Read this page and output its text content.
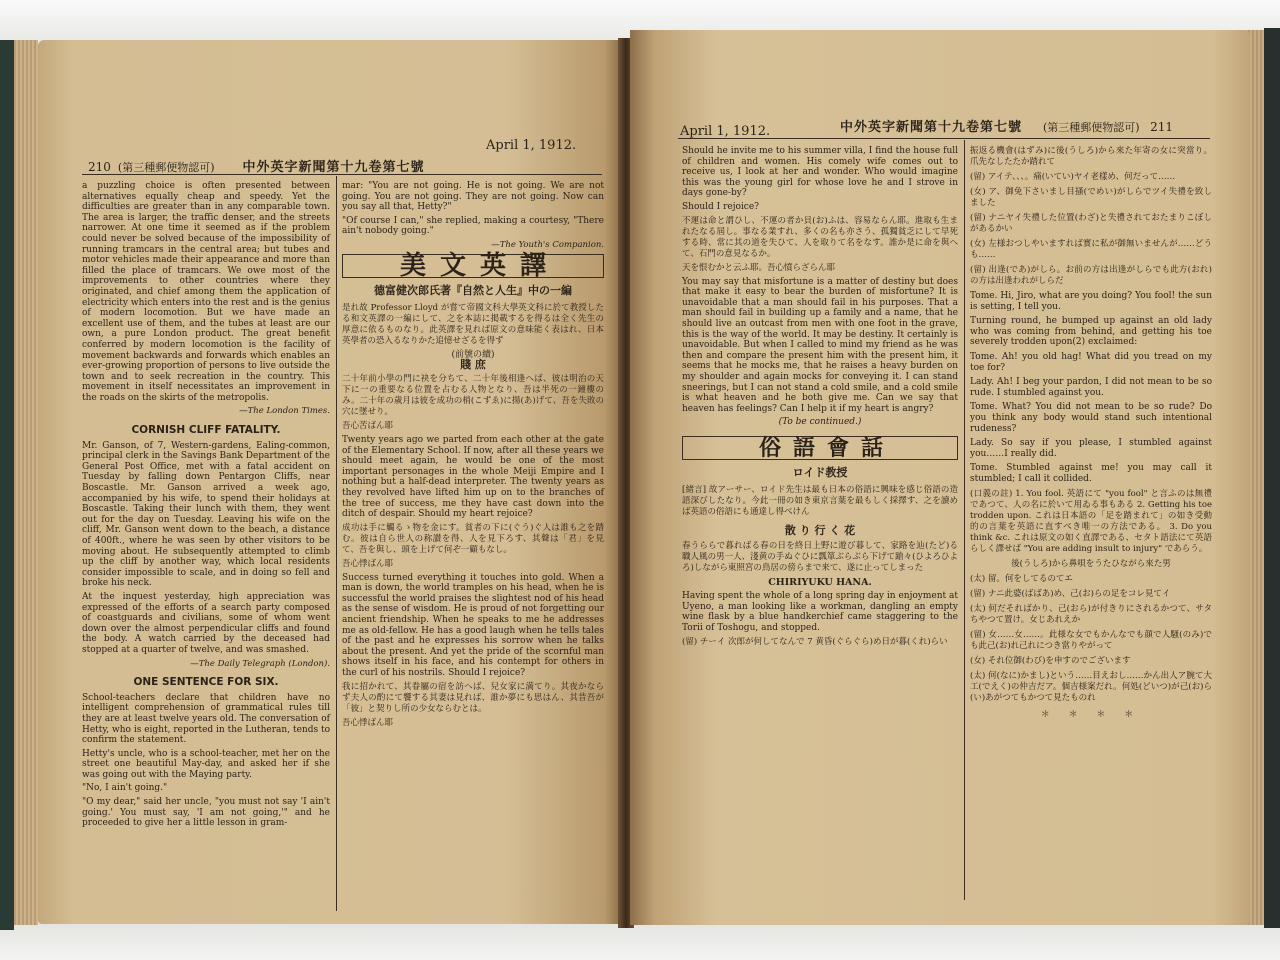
210 (第三種郵便物認可) 中外英字新聞第十九卷第七號
April 1, 1912.

a puzzling choice is often presented between alternatives equally cheap and speedy. Yet the difficulties are greater than in any comparable town. The area is larger, the traffic denser, and the streets narrower. At one time it seemed as if the problem could never be solved because of the impossibility of running tramcars in the central area; but tubes and motor vehicles made their appearance and more than filled the place of tramcars. We owe most of the improvements to other countries where they originated, and chief among them the application of electricity which enters into the rest and is the genius of modern locomotion. But we have made an excellent use of them, and the tubes at least are our own, a pure London product. The great benefit conferred by modern locomotion is the facility of movement backwards and forwards which enables an ever-growing proportion of persons to live outside the town and to seek recreation in the country. This movement in itself necessitates an improvement in the roads on the skirts of the metropolis.

—The London Times.

CORNISH CLIFF FATALITY.

Mr. Ganson, of 7, Western-gardens, Ealing-common, principal clerk in the Savings Bank Department of the General Post Office, met with a fatal accident on Tuesday by falling down Pentargon Cliffs, near Boscastle. Mr. Ganson arrived a week ago, accompanied by his wife, to spend their holidays at Boscastle. Taking their lunch with them, they went out for the day on Tuesday. Leaving his wife on the cliff, Mr. Ganson went down to the beach, a distance of 400ft., where he was seen by other visitors to be moving about. He subsequently attempted to climb up the cliff by another way, which local residents consider impossible to scale, and in doing so fell and broke his neck.

At the inquest yesterday, high appreciation was expressed of the efforts of a search party composed of coastguards and civilians, some of whom went down over the almost perpendicular cliffs and found the body. A watch carried by the deceased had stopped at a quarter of twelve, and was smashed.

—The Daily Telegraph (London).

ONE SENTENCE FOR SIX.

School-teachers declare that children have no intelligent comprehension of grammatical rules till they are at least twelve years old. The conversation of Hetty, who is eight, reported in the Lutheran, tends to confirm the statement.

Hetty's uncle, who is a school-teacher, met her on the street one beautiful May-day, and asked her if she was going out with the Maying party.

"No, I ain't going."

"O my dear," said her uncle, "you must not say 'I ain't going.' You must say, 'I am not going,'" and he proceeded to give her a little lesson in gram-

mar: "You are not going. He is not going. We are not going. You are not going. They are not going. Now can you say all that, Hetty?"

"Of course I can," she replied, making a courtesy, "There ain't nobody going."

—The Youth's Companion.

美文英譯
德富健次郎氏著『自然と人生』中の一編

是れ故 Professor Lloyd が嘗て帝國文科大學英文科に於て教授したる和文英譯の一編にして、之を本誌に掲載するを得るは全く先生の厚意に依るものなり。此英譯を見れば原文の意味能く表はれ、日本英學者の恐入るなりかた追憶せざるを得ず

(前號の續)
賤 庶

二十年前小學の門に袂を分ちて、二十年後相逢へば、彼は明治の天下に一の重要なる位置を占むる人物となり、吾は半死の一鐘樓のみ。二十年の歳月は彼を成功の梢(こずゑ)に揚(あ)げて、吾を失敗の穴に墜せり。

吾心苦ばん耶

Twenty years ago we parted from each other at the gate of the Elementary School. If now, after all these years we should meet again, he would be one of the most important personages in the whole Meiji Empire and I nothing but a half-dead interpreter. The twenty years as they revolved have lifted him up on to the branches of the tree of success, me they have cast down into the ditch of despair. Should my heart rejoice?

成功は手に觸るゝ物を金にす。貧者の下に(ぐう)ぐ人は誰も之を踏む。彼は自ら世人の称讃を得、人を見下ろす、其聲は「君」を見て、吾を與し、頭を上げて何ぞ一顧もなし。

吾心悸ばん耶

Success turned everything it touches into gold. When a man is down, the world tramples on his head, when he is successful the world praises the slightest nod of his head as the sense of wisdom. He is proud of not forgetting our ancient friendship. When he speaks to me he addresses me as old-fellow. He has a good laugh when he tells tales of the past and he expresses his sorrow when he talks about the present. And yet the pride of the scornful man shows itself in his face, and his contempt for others in the curl of his nostrils. Should I rejoice?

我に招かれて、其眷屬の宿を訪へば、兒女家に満てり。其夜かならず夫人の酌にて饗する其妻は見れば、誰か夢にも思はん、其昔吾が「彼」と契りし所の少女ならむとは。

吾心悸ばん耶

April 1, 1912.	中外英字新聞第十九卷第七號 (第三種郵便物認可) 211

Should he invite me to his summer villa, I find the house full of children and women. His comely wife comes out to receive us, I look at her and wonder. Who would imagine this was the young girl for whose love he and I strove in days gone-by?

Should I rejoice?

不運は命と謂ひし、不運の者か貝(お)ふは、容易ならん耶。進取も生まれたなる屆し。事なる業すれ、多くの名も亦さう、孤獨貧乏にして早死する時、常に其の道を失ひて、人を取りて名をなす。誰か是に命を與へて、石門の意見なるか。

天を恨むかと云ふ耶。吾心憤らざらん耶

You may say that misfortune is a matter of destiny but does that make it easy to bear the burden of misfortune? It is unavoidable that a man should fail in his purposes. That a man should fail in building up a family and a name, that he should live an outcast from men with one foot in the grave, this is the way of the world. It may be destiny. It certainly is unavoidable. But when I called to mind my friend as he was then and compare the present him with the present him, it seems that he mocks me, that he raises a heavy burden on my shoulder and again mocks for conveying it. I can stand sneerings, but I can not stand a cold smile, and a cold smile is what heaven and he both give me. Can we say that heaven has feelings? Can I help it if my heart is angry?

(To be continued.)

俗語會話
ロイド教授

[緒言] 故アーサー、ロイド先生は最も日本の俗語に興味を感じ俗語の造語深びしたなり。今此一冊の如き東京言葉を最もしく採擇す、之を讀めば英語の俗語にも通達し得べけん

散 り 行 く 花

春うららで暮ればる春の日を終日上野に遊び暮して、家路を辿(たど)る職人風の男一人、淺黄の手ぬぐひに瓢箪ぶらぶら下げて蹌々(ひよろひよろ)しながら東照宮の鳥居の傍らまで来て、遂に止ってしまった

CHIRIYUKU HANA.

Having spent the whole of a long spring day in enjoyment at Uyeno, a man looking like a workman, dangling an empty wine flask by a blue handkerchief came staggering to the Torii of Toshogu, and stopped.

(留) チーイ 次郎が何してなんで 7 黄昏(ぐらぐら)め日が暮(くれ)らい

振返る機會(はずみ)に後(うしろ)から來た年寄の女に突當り。爪先なしたたか踏れて

(留) アイテ、、、。痛(いてい)ヤイ老樣め、何だって……

(女) ア、御免下さいまし目搔(でめい)がしらでツイ失禮を致しました

(留) ナニヤイ失禮した位置(わざ)と失禮されておたまりこぼしがあるかい

(女) 左様おつしやいますれば實に私が御無いませんが……どうも……

(留) 出逢(であ)がしら。お前の方は出逢がしらでも此方(おれ)の方は出逢われがしらだ

Tome. Hi, Jiro, what are you doing? You fool! the sun is setting, I tell you.

Turning round, he bumped up against an old lady who was coming from behind, and getting his toe severely trodden upon(2) exclaimed:

Tome. Ah! you old hag! What did you tread on my toe for?

Lady. Ah! I beg your pardon, I did not mean to be so rude. I stumbled against you.

Tome. What? You did not mean to be so rude? Do you think any body would stand such intentional rudeness?

Lady. So say if you please, I stumbled against you……I really did.

Tome. Stumbled against me! you may call it stumbled; I call it collided.

(口義の註) 1. You fool. 英語にて "you fool" と言ふのは無禮であつて、人の名に於いて用ゐる事もある 2. Getting his toe trodden upon. これは日本語の「足を踏まれて」の如き受動的の言葉を英語に直すべき唯一の方法である。 3. Do you think &c. これは原文の如く直譯である、セタト語法にて英語らしく譯せば "You are adding insult to injury" であらう。

後(うしろ)から鼻唄をうたひながら來た男

(太) 留。何をしてるのてエ

(留) ナニ此婆(ばばあ)め、己(お)らの足をコレ見てイ

(太) 何だそればかり、己(おら)が付きりにされるかつて、サタちやつて置け。女じあれえか

(留) 女……女……。此様な女でもかんなでも顔で人騒(のみ)でも此己(お)れ己れにつき當りやがって

(女) それ位御(わび)を申すのでございます

(太) 何(なに)かまし)という……目えおし……かん出人ア腕て大工(でえく)の仲吉だア。個吉様案だれ。何処(どいつ)が己(お)ら(い)あがつてもかつて見たものれ

＊ ＊ ＊ ＊
